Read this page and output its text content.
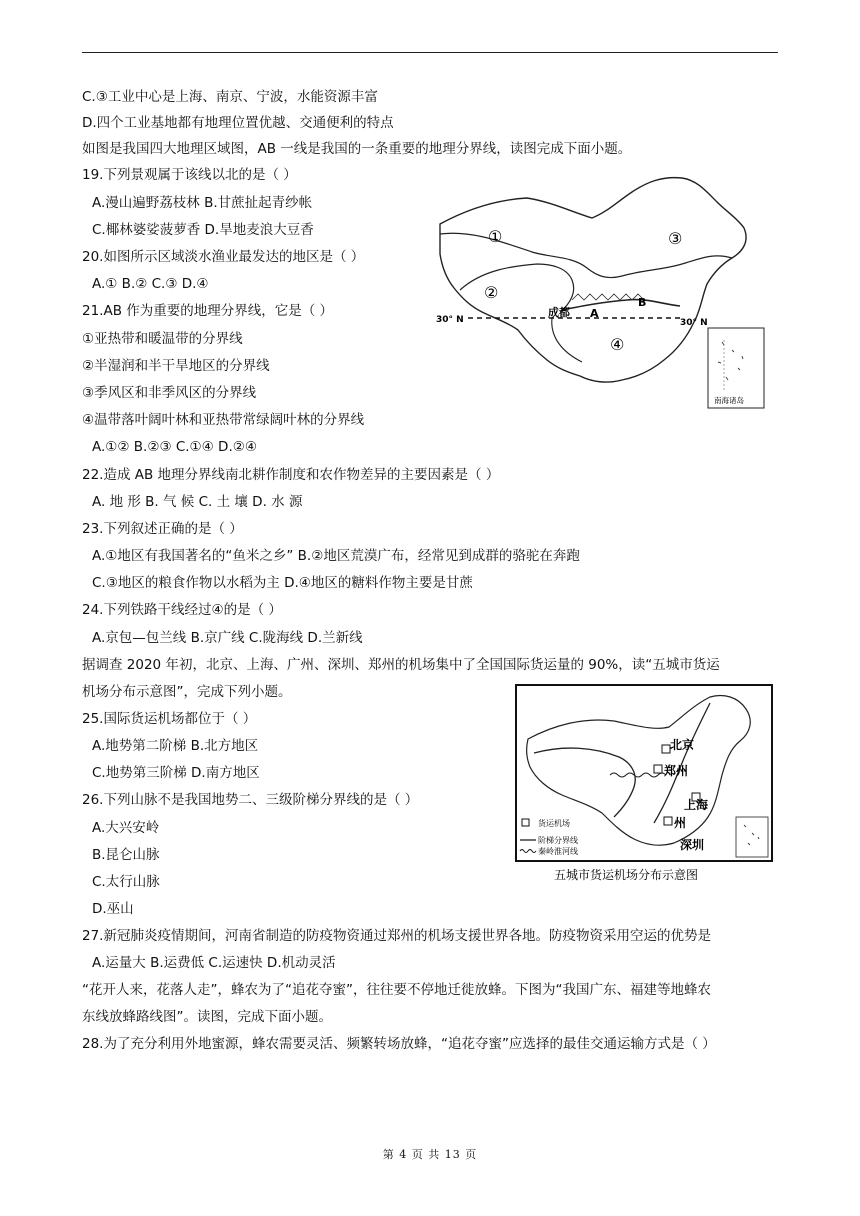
C.③工业中心是上海、南京、宁波，水能资源丰富
D.四个工业基地都有地理位置优越、交通便利的特点
如图是我国四大地理区域图，AB 一线是我国的一条重要的地理分界线，读图完成下面小题。
19.下列景观属于该线以北的是（ ）
A.漫山遍野荔枝林 B.甘蔗扯起青纱帐
C.椰林婆娑菠萝香 D.旱地麦浪大豆香
20.如图所示区域淡水渔业最发达的地区是（ ）
A.① B.② C.③ D.④
21.AB 作为重要的地理分界线，它是（ ）
①亚热带和暖温带的分界线
②半湿润和半干旱地区的分界线
③季风区和非季风区的分界线
④温带落叶阔叶林和亚热带常绿阔叶林的分界线
A.①② B.②③ C.①④ D.②④
22.造成 AB 地理分界线南北耕作制度和农作物差异的主要因素是（ ）
A. 地 形 B. 气 候 C. 土 壤 D. 水 源
23.下列叙述正确的是（ ）
A.①地区有我国著名的“鱼米之乡” B.②地区荒漠广布，经常见到成群的骆驼在奔跑
C.③地区的粮食作物以水稻为主 D.④地区的糖料作物主要是甘蔗
24.下列铁路干线经过④的是（ ）
A.京包—包兰线 B.京广线 C.陇海线 D.兰新线
据调查 2020 年初，北京、上海、广州、深圳、郑州的机场集中了全国国际货运量的 90%，读“五城市货运
机场分布示意图”，完成下列小题。
25.国际货运机场都位于（ ）
A.地势第二阶梯 B.北方地区
C.地势第三阶梯 D.南方地区
26.下列山脉不是我国地势二、三级阶梯分界线的是（ ）
A.大兴安岭
B.昆仑山脉
C.太行山脉
D.巫山
27.新冠肺炎疫情期间，河南省制造的防疫物资通过郑州的机场支援世界各地。防疫物资采用空运的优势是
A.运量大 B.运费低 C.运速快 D.机动灵活
“花开人来，花落人走”，蜂农为了“追花夺蜜”，往往要不停地迁徙放蜂。下图为“我国广东、福建等地蜂农
东线放蜂路线图”。读图，完成下面小题。
28.为了充分利用外地蜜源，蜂农需要灵活、频繁转场放蜂，“追花夺蜜”应选择的最佳交通运输方式是（ ）
南海诸岛
①
②
③
④
成都 A
B
30° N	30° N
货运机场
阶梯分界线
秦岭淮河线
北京
郑州
上海
州
深圳
五城市货运机场分布示意图
第 4 页 共 13 页
